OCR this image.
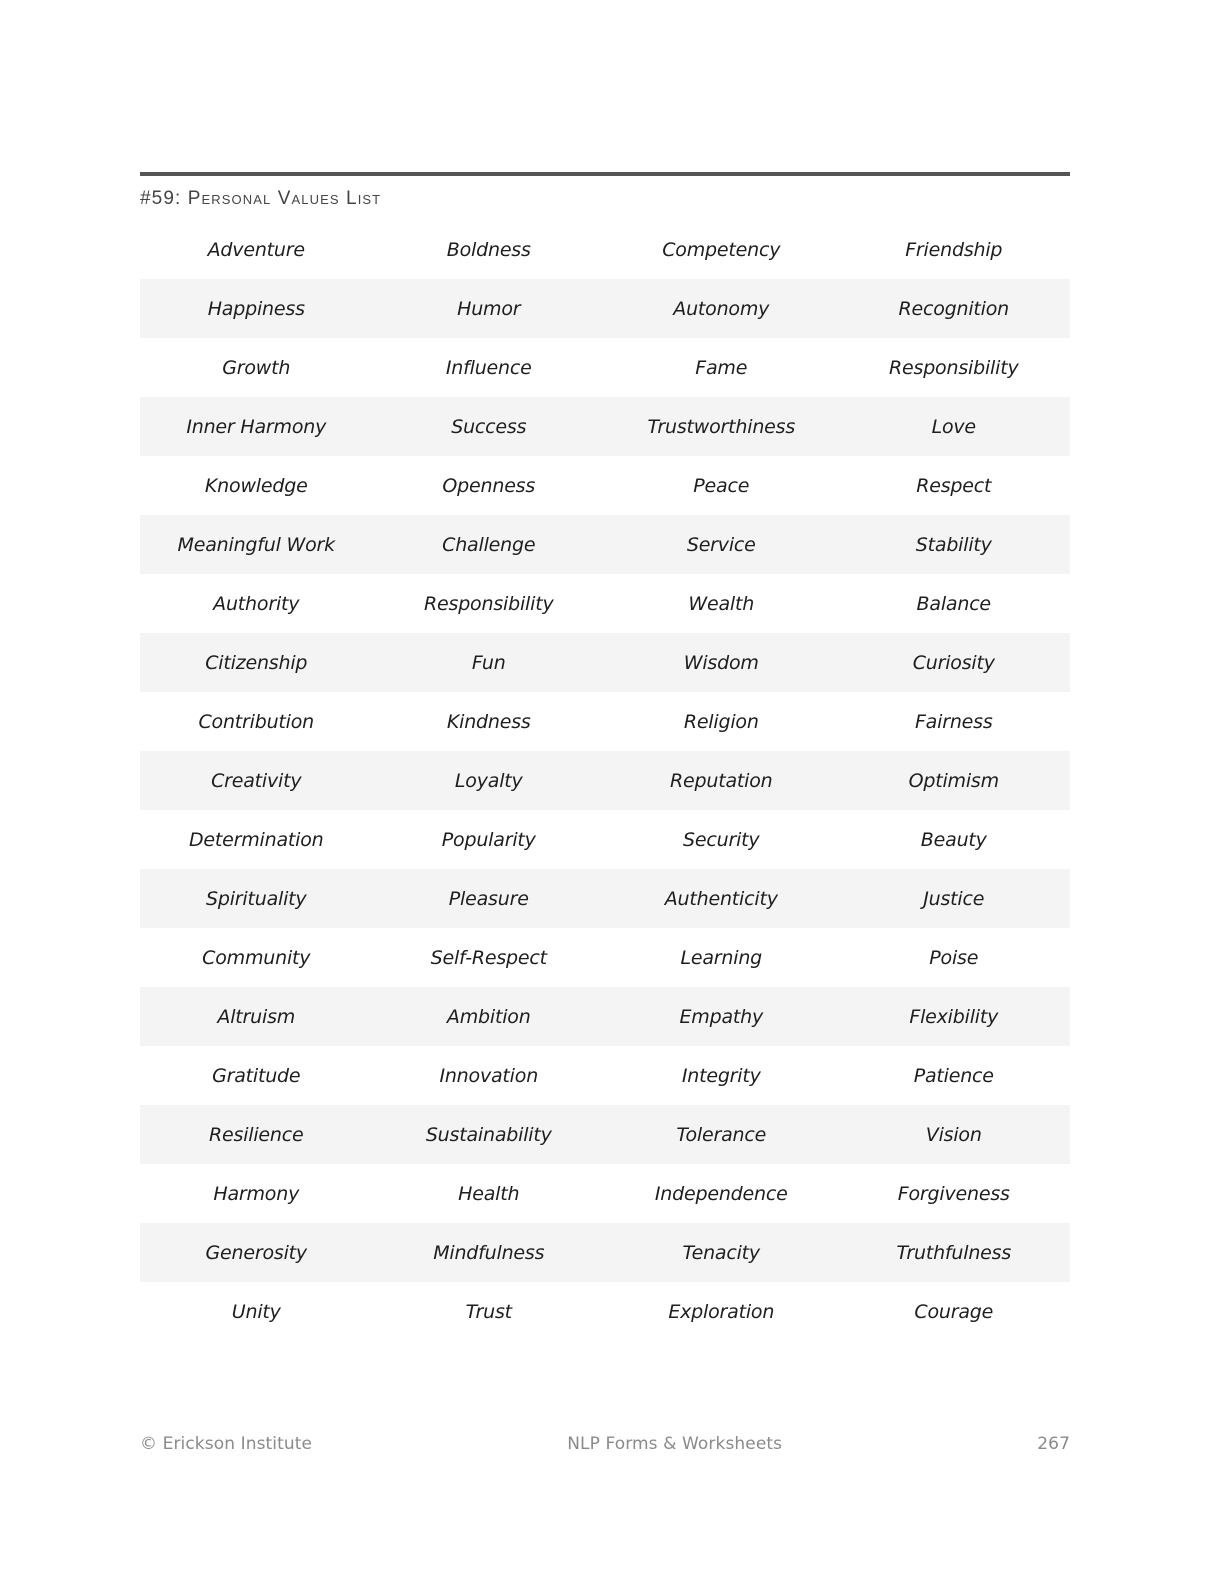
#59: Personal Values List
Adventure	Boldness	Competency	Friendship
Happiness	Humor	Autonomy	Recognition
Growth	Influence	Fame	Responsibility
Inner Harmony	Success	Trustworthiness	Love
Knowledge	Openness	Peace	Respect
Meaningful Work	Challenge	Service	Stability
Authority	Responsibility	Wealth	Balance
Citizenship	Fun	Wisdom	Curiosity
Contribution	Kindness	Religion	Fairness
Creativity	Loyalty	Reputation	Optimism
Determination	Popularity	Security	Beauty
Spirituality	Pleasure	Authenticity	Justice
Community	Self-Respect	Learning	Poise
Altruism	Ambition	Empathy	Flexibility
Gratitude	Innovation	Integrity	Patience
Resilience	Sustainability	Tolerance	Vision
Harmony	Health	Independence	Forgiveness
Generosity	Mindfulness	Tenacity	Truthfulness
Unity	Trust	Exploration	Courage
© Erickson Institute	NLP Forms & Worksheets	267
